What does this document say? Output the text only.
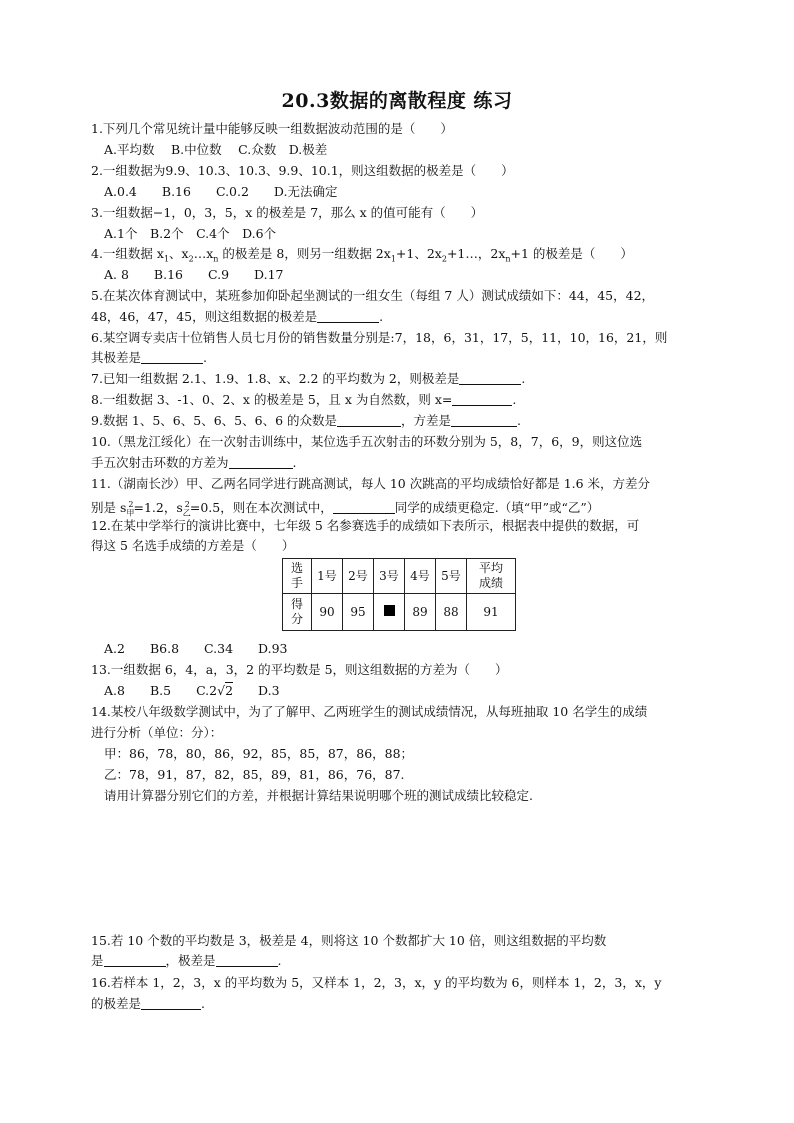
20.3数据的离散程度 练习
1.下列几个常见统计量中能够反映一组数据波动范围的是（　　）
A.平均数　 B.中位数　 C.众数　D.极差
2.一组数据为9.9、10.3、10.3、9.9、10.1，则这组数据的极差是（　　）
A.0.4　　B.16　　C.0.2　　D.无法确定
3.一组数据−1，0，3，5，x 的极差是 7，那么 x 的值可能有（　　）
A.1个　B.2个　C.4个　D.6个
4.一组数据 $x_1$、$x_2\dots x_n$ 的极差是 8，则另一组数据 $2x_1+1$、$2x_2+1\dots$，$2x_n+1$ 的极差是（　　）
A. 8　　B.16　　C.9　　D.17
5.在某次体育测试中，某班参加仰卧起坐测试的一组女生（每组 7 人）测试成绩如下：44，45，42，
48，46，47，45，则这组数据的极差是	.
6.某空调专卖店十位销售人员七月份的销售数量分别是:7，18，6，31，17，5，11，10，16，21，则
其极差是	.
7.已知一组数据 2.1、1.9、1.8、x、2.2 的平均数为 2，则极差是	.
8.一组数据 3、-1、0、2、x 的极差是 5，且 x 为自然数，则 x=	.
9.数据 1、5、6、5、6、5、6、6 的众数是	，方差是	.
10.（黑龙江绥化）在一次射击训练中，某位选手五次射击的环数分别为 5，8，7，6，9，则这位选
手五次射击环数的方差为	.
11.（湖南长沙）甲、乙两名同学进行跳高测试，每人 10 次跳高的平均成绩恰好都是 1.6 米，方差分
别是 $s_甲^2=1.2$，$s_乙^2=0.5$，则在本次测试中，	同学的成绩更稳定.（填“甲”或“乙”）
12.在某中学举行的演讲比赛中，七年级 5 名参赛选手的成绩如下表所示，根据表中提供的数据，可
得这 5 名选手成绩的方差是（　　）
选
手	1号	2号	3号	4号	5号	平均
成绩
得
分	90	95		89	88	91
A.2　　B6.8　　C.34　　D.93
13.一组数据 6，4，a，3，2 的平均数是 5，则这组数据的方差为（　　）
A.8　　B.5　　C.2√2　　D.3
14.某校八年级数学测试中，为了了解甲、乙两班学生的测试成绩情况，从每班抽取 10 名学生的成绩
进行分析（单位：分）：
甲：86，78，80，86，92，85，85，87，86，88；
乙：78，91，87，82，85，89，81，86，76，87.
请用计算器分别它们的方差，并根据计算结果说明哪个班的测试成绩比较稳定.
15.若 10 个数的平均数是 3，极差是 4，则将这 10 个数都扩大 10 倍，则这组数据的平均数
是	，极差是	.
16.若样本 1，2，3，x 的平均数为 5，又样本 1，2，3，x，y 的平均数为 6，则样本 1，2，3，x，y
的极差是	.
